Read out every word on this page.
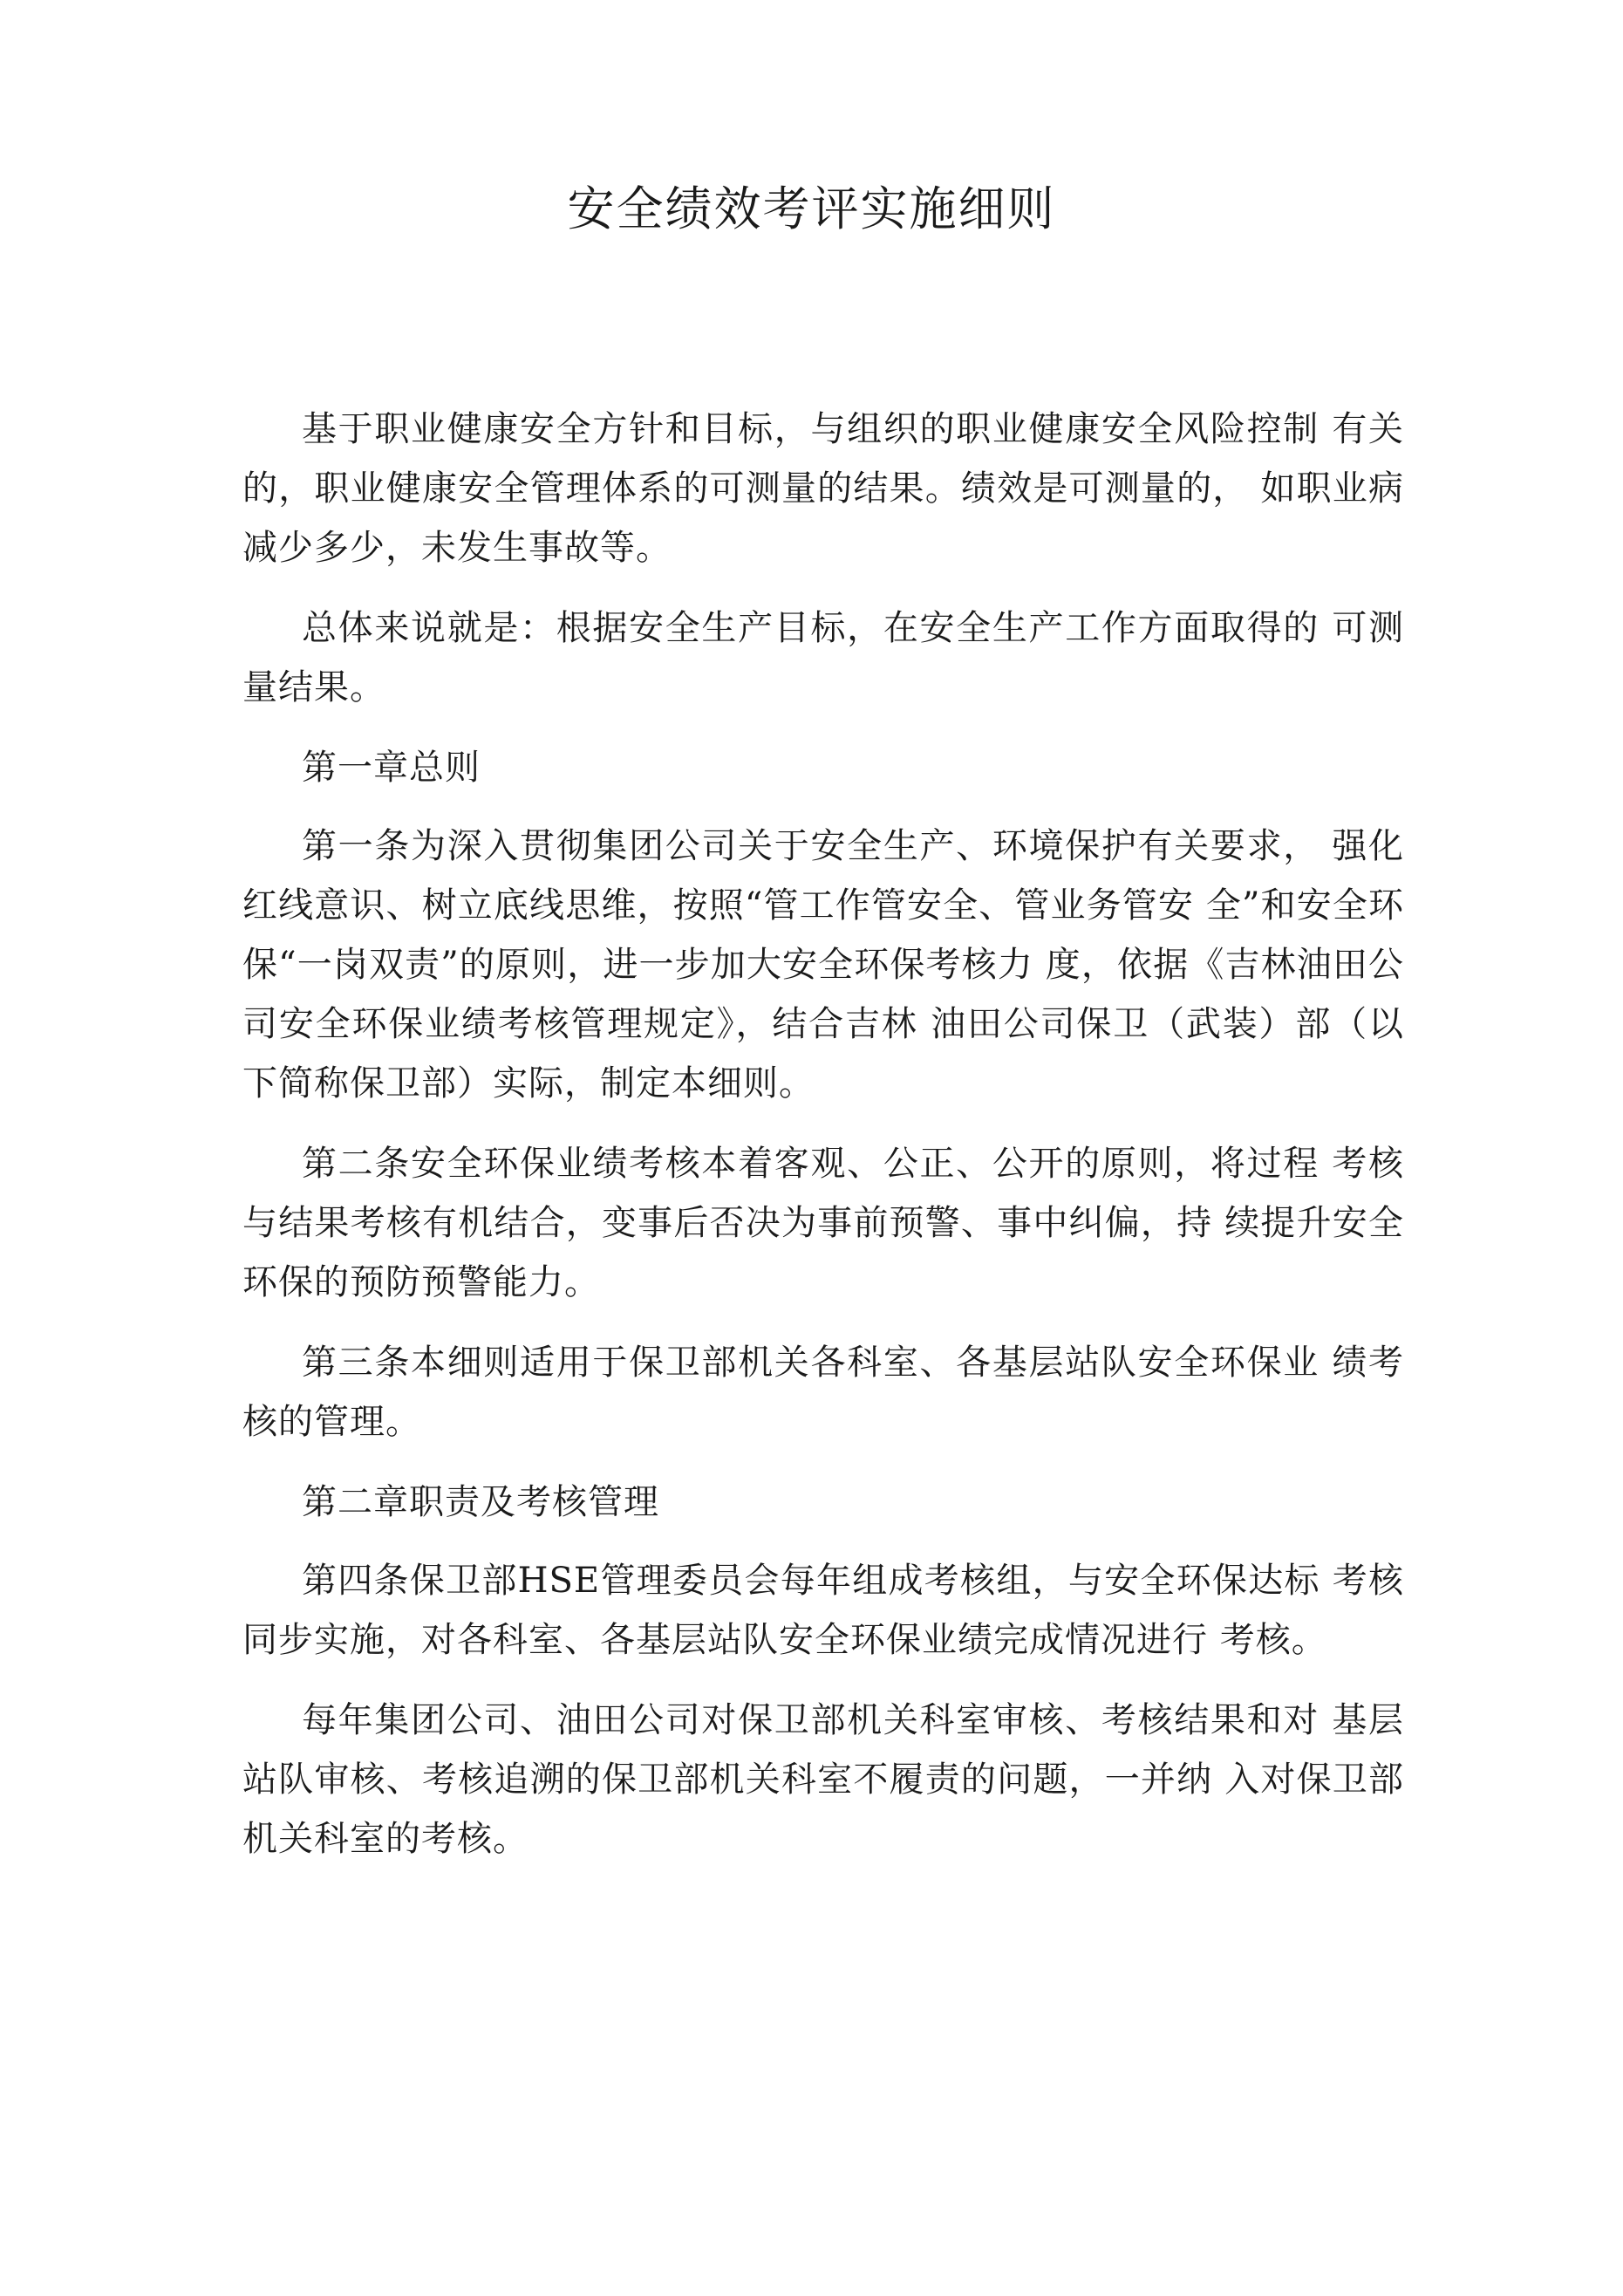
安全绩效考评实施细则

基于职业健康安全方针和目标，与组织的职业健康安全风险控制 有关的，职业健康安全管理体系的可测量的结果。绩效是可测量的， 如职业病减少多少，未发生事故等。

总体来说就是：根据安全生产目标，在安全生产工作方面取得的 可测量结果。

第一章总则

第一条为深入贯彻集团公司关于安全生产、环境保护有关要求， 强化红线意识、树立底线思维，按照“管工作管安全、管业务管安 全”和安全环保“一岗双责”的原则，进一步加大安全环保考核力 度，依据《吉林油田公司安全环保业绩考核管理规定》，结合吉林 油田公司保卫（武装）部（以下简称保卫部）实际，制定本细则。

第二条安全环保业绩考核本着客观、公正、公开的原则，将过程 考核与结果考核有机结合，变事后否决为事前预警、事中纠偏，持 续提升安全环保的预防预警能力。

第三条本细则适用于保卫部机关各科室、各基层站队安全环保业 绩考核的管理。

第二章职责及考核管理

第四条保卫部HSE管理委员会每年组成考核组，与安全环保达标 考核同步实施，对各科室、各基层站队安全环保业绩完成情况进行 考核。

每年集团公司、油田公司对保卫部机关科室审核、考核结果和对 基层站队审核、考核追溯的保卫部机关科室不履责的问题，一并纳 入对保卫部机关科室的考核。
